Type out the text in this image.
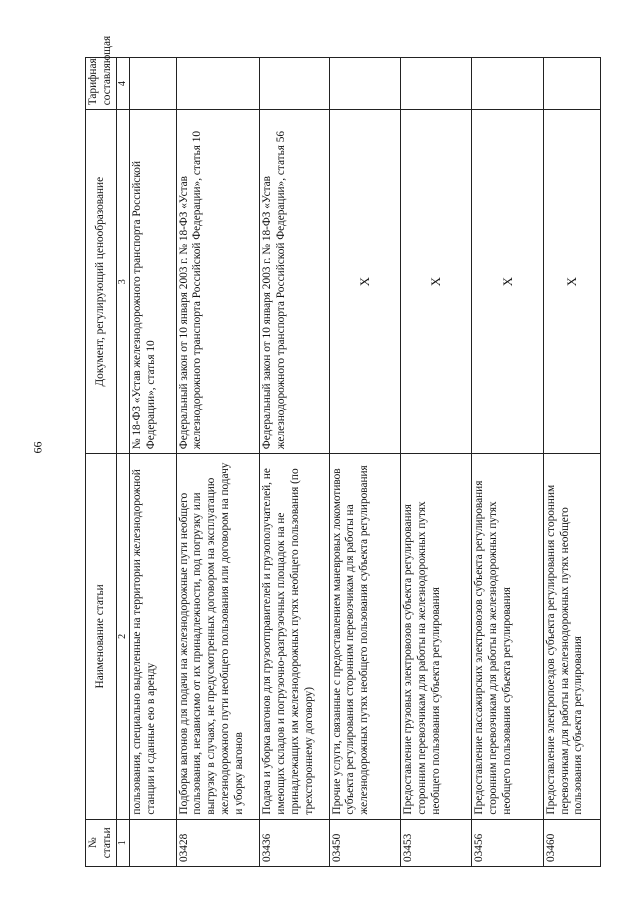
66
№ статьи	Наименование статьи	Документ, регулирующий ценообразование	Тарифная составляющая
1	2	3	4
	пользования, специально выделенные на территории железнодорожной станции и сданные ею в аренду	№ 18-ФЗ «Устав железнодорожного транспорта Российской Федерации», статья 10	
03428	Подборка вагонов для подачи на железнодорожные пути необщего пользования, независимо от их принадлежности, под погрузку или выгрузку в случаях, не предусмотренных договором на эксплуатацию железнодорожного пути необщего пользования или договором на подачу и уборку вагонов	Федеральный закон от 10 января 2003 г. № 18-ФЗ «Устав железнодорожного транспорта Российской Федерации», статья 10	
03436	Подача и уборка вагонов для грузоотправителей и грузополучателей, не имеющих складов и погрузочно-разгрузочных площадок на не принадлежащих им железнодорожных путях необщего пользования (по трехстороннему договору)	Федеральный закон от 10 января 2003 г. № 18-ФЗ «Устав железнодорожного транспорта Российской Федерации», статья 56	
03450	Прочие услуги, связанные с предоставлением маневровых локомотивов субъекта регулирования сторонним перевозчикам для работы на железнодорожных путях необщего пользования субъекта регулирования	Х	
03453	Предоставление грузовых электровозов субъекта регулирования сторонним перевозчикам для работы на железнодорожных путях необщего пользования субъекта регулирования	Х	
03456	Предоставление пассажирских электровозов субъекта регулирования сторонним перевозчикам для работы на железнодорожных путях необщего пользования субъекта регулирования	Х	
03460	Предоставление электропоездов субъекта регулирования сторонним перевозчикам для работы на железнодорожных путях необщего пользования субъекта регулирования	Х	
